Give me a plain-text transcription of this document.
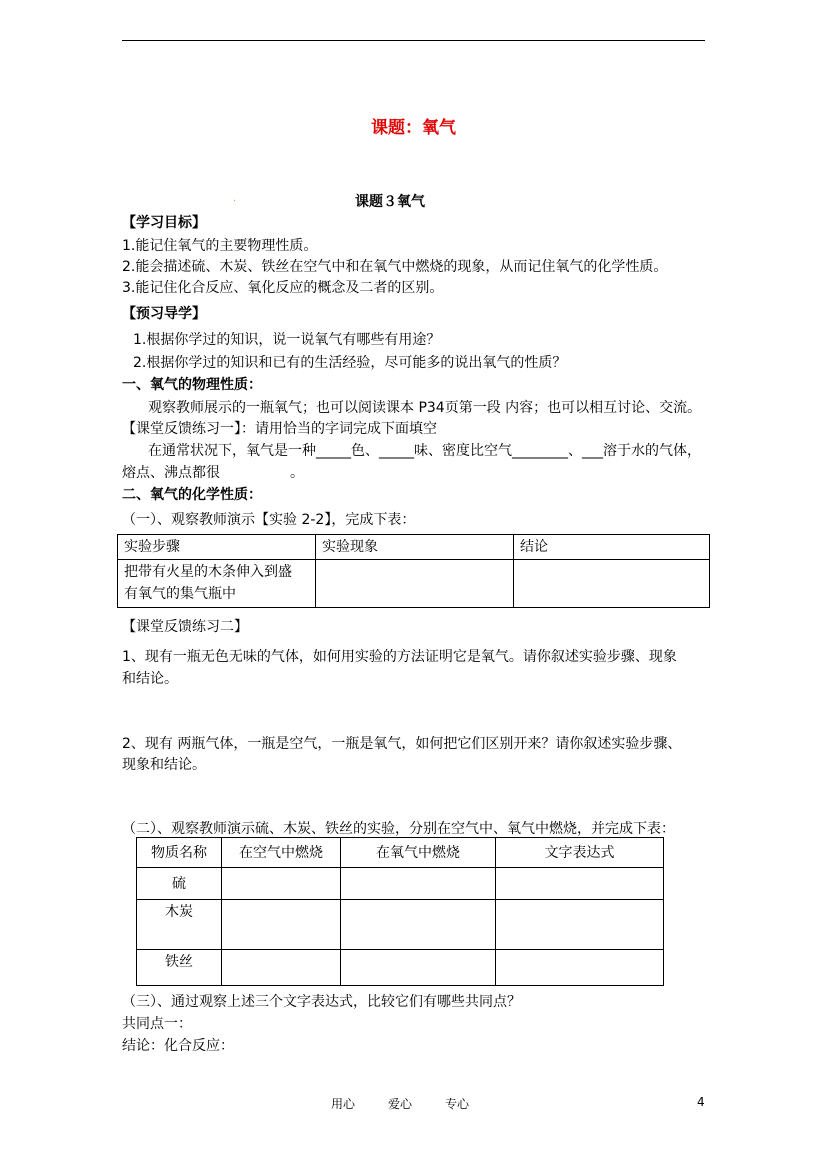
课题：氧气
.	课题３氧气
【学习目标】
1.能记住氧气的主要物理性质。
2.能会描述硫、木炭、铁丝在空气中和在氧气中燃烧的现象，从而记住氧气的化学性质。
3.能记住化合反应、氧化反应的概念及二者的区别。
【预习导学】
1.根据你学过的知识，说一说氧气有哪些有用途？
2.根据你学过的知识和已有的生活经验，尽可能多的说出氧气的性质？
一、氧气的物理性质：
观察教师展示的一瓶氧气；也可以阅读课本 P34页第一段 内容；也可以相互讨论、交流。
【课堂反馈练习一】：请用恰当的字词完成下面填空
在通常状况下，氧气是一种_____色、_____味、密度比空气________、___溶于水的气体，
熔点、沸点都很　　　　　。
二、氧气的化学性质：
（一）、观察教师演示【实验 2-2】，完成下表：
实验步骤	实验现象	结论

把带有火星的木条伸入到盛
有氧气的集气瓶中		

【课堂反馈练习二】
1、现有一瓶无色无味的气体，如何用实验的方法证明它是氧气。请你叙述实验步骤、现象
和结论。
2、现有 两瓶气体，一瓶是空气，一瓶是氧气，如何把它们区别开来？请你叙述实验步骤、
现象和结论。
（二）、观察教师演示硫、木炭、铁丝的实验，分别在空气中、氧气中燃烧，并完成下表：
物质名称	在空气中燃烧	在氧气中燃烧	文字表达式
硫			
木炭			
铁丝			
（三）、通过观察上述三个文字表达式，比较它们有哪些共同点？
共同点一：
结论：化合反应：
用心	爱心	专心	4
